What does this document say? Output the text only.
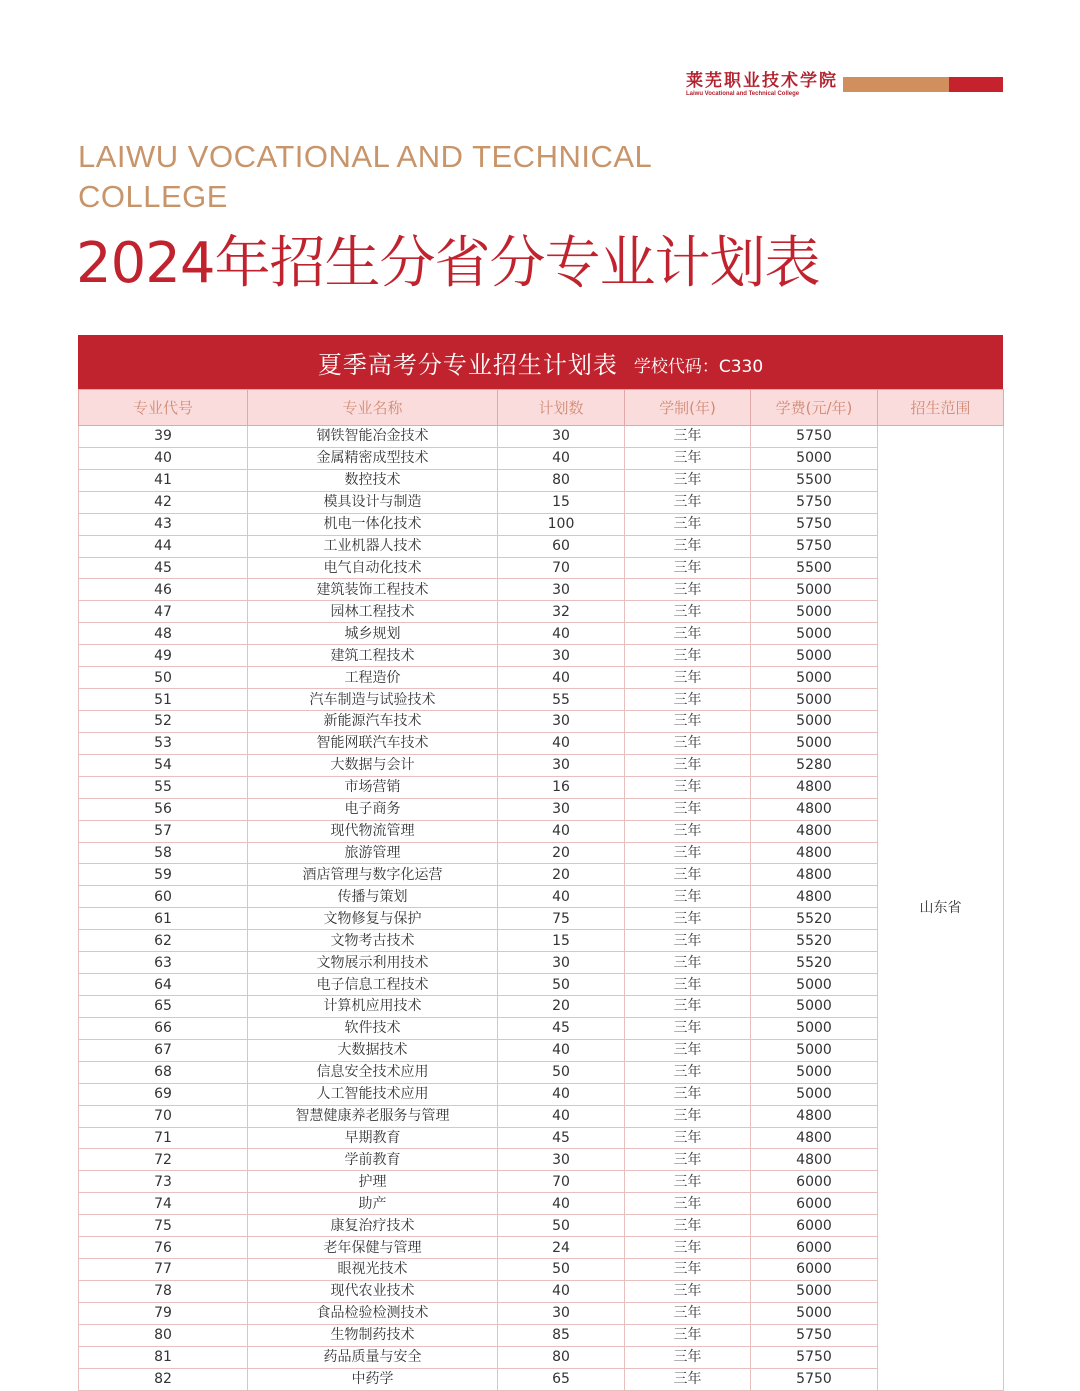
莱芜职业技术学院
Laiwu Vocational and Technical College
LAIWU VOCATIONAL AND TECHNICAL COLLEGE
2024年招生分省分专业计划表
夏季高考分专业招生计划表 学校代码：C330
专业代号	专业名称	计划数	学制(年)	学费(元/年)	招生范围
39	钢铁智能冶金技术	30	三年	5750	山东省
40	金属精密成型技术	40	三年	5000	
41	数控技术	80	三年	5500	
42	模具设计与制造	15	三年	5750	
43	机电一体化技术	100	三年	5750	
44	工业机器人技术	60	三年	5750	
45	电气自动化技术	70	三年	5500	
46	建筑装饰工程技术	30	三年	5000	
47	园林工程技术	32	三年	5000	
48	城乡规划	40	三年	5000	
49	建筑工程技术	30	三年	5000	
50	工程造价	40	三年	5000	
51	汽车制造与试验技术	55	三年	5000	
52	新能源汽车技术	30	三年	5000	
53	智能网联汽车技术	40	三年	5000	
54	大数据与会计	30	三年	5280	
55	市场营销	16	三年	4800	
56	电子商务	30	三年	4800	
57	现代物流管理	40	三年	4800	
58	旅游管理	20	三年	4800	
59	酒店管理与数字化运营	20	三年	4800	
60	传播与策划	40	三年	4800	
61	文物修复与保护	75	三年	5520	
62	文物考古技术	15	三年	5520	
63	文物展示利用技术	30	三年	5520	
64	电子信息工程技术	50	三年	5000	
65	计算机应用技术	20	三年	5000	
66	软件技术	45	三年	5000	
67	大数据技术	40	三年	5000	
68	信息安全技术应用	50	三年	5000	
69	人工智能技术应用	40	三年	5000	
70	智慧健康养老服务与管理	40	三年	4800	
71	早期教育	45	三年	4800	
72	学前教育	30	三年	4800	
73	护理	70	三年	6000	
74	助产	40	三年	6000	
75	康复治疗技术	50	三年	6000	
76	老年保健与管理	24	三年	6000	
77	眼视光技术	50	三年	6000	
78	现代农业技术	40	三年	5000	
79	食品检验检测技术	30	三年	5000	
80	生物制药技术	85	三年	5750	
81	药品质量与安全	80	三年	5750	
82	中药学	65	三年	5750	
